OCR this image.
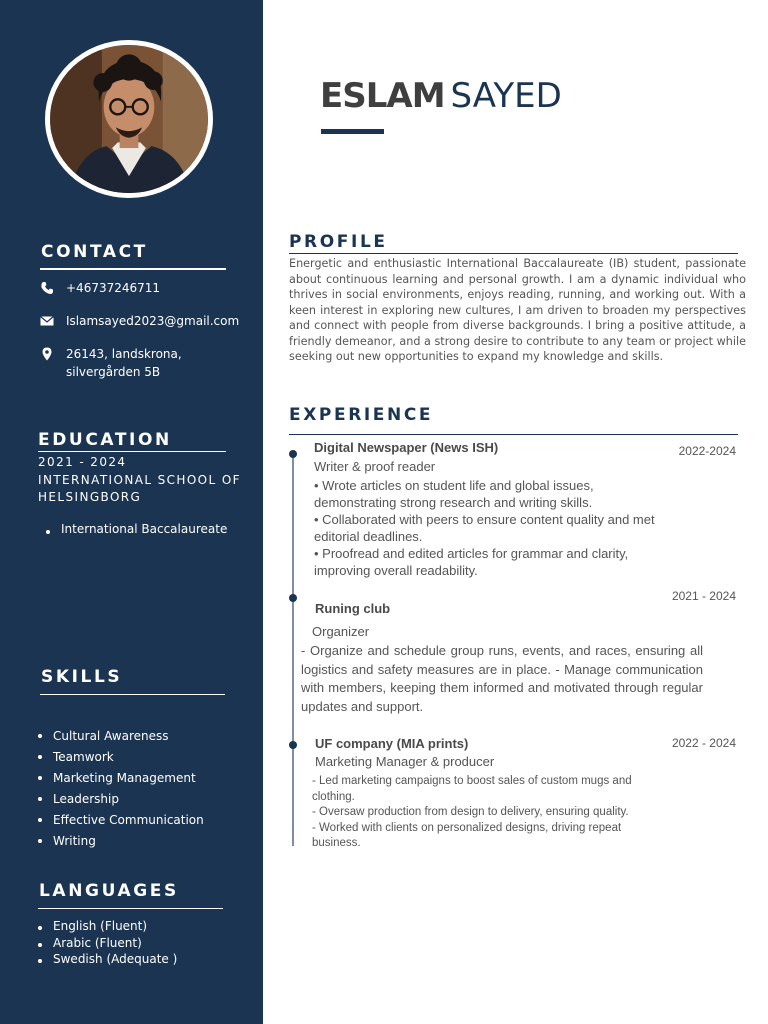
CONTACT
+46737246711
Islamsayed2023@gmail.com
26143, landskrona,
silvergården 5B
EDUCATION
2021 - 2024
INTERNATIONAL SCHOOL OF
HELSINGBORG
International Baccalaureate
SKILLS
Cultural Awareness
Teamwork
Marketing Management
Leadership
Effective Communication
Writing
LANGUAGES
English (Fluent)
Arabic (Fluent)
Swedish (Adequate )
ESLAM SAYED
PROFILE
Energetic and enthusiastic International Baccalaureate (IB) student, passionate about continuous learning and personal growth. I am a dynamic individual who thrives in social environments, enjoys reading, running, and working out. With a keen interest in exploring new cultures, I am driven to broaden my perspectives and connect with people from diverse backgrounds. I bring a positive attitude, a friendly demeanor, and a strong desire to contribute to any team or project while seeking out new opportunities to expand my knowledge and skills.
EXPERIENCE
Digital Newspaper (News ISH)	2022-2024
Writer & proof reader

• Wrote articles on student life and global issues, demonstrating strong research and writing skills.

• Collaborated with peers to ensure content quality and met editorial deadlines.

• Proofread and edited articles for grammar and clarity, improving overall readability.

2021 - 2024
Runing club
Organizer

- Organize and schedule group runs, events, and races, ensuring all logistics and safety measures are in place. - Manage communication with members, keeping them informed and motivated through regular updates and support.

UF company (MIA prints)	2022 - 2024
Marketing Manager & producer

- Led marketing campaigns to boost sales of custom mugs and clothing.

- Oversaw production from design to delivery, ensuring quality.

- Worked with clients on personalized designs, driving repeat business.
